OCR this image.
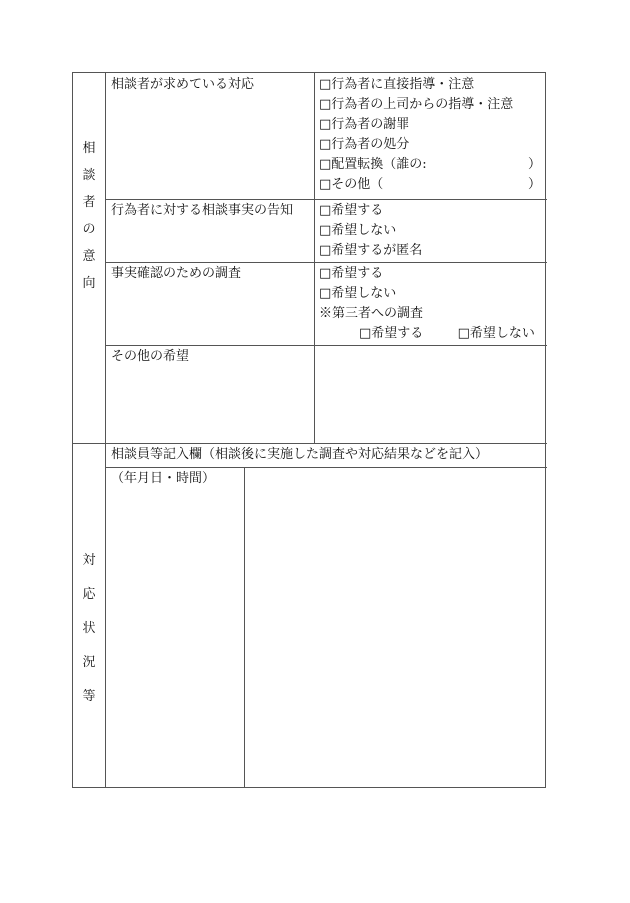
相
談
者
の
意
向
相談者が求めている対応	□行為者に直接指導・注意
□行為者の上司からの指導・注意
□行為者の謝罪
□行為者の処分
□配置転換（誰の:	）
□その他（	）
行為者に対する相談事実の告知 □希望する
□希望しない
□希望するが匿名
事実確認のための調査	□希望する
□希望しない
※第三者への調査
□希望する	□希望しない
その他の希望
対
応
状
況
等
相談員等記入欄（相談後に実施した調査や対応結果などを記入）
（年月日・時間）
